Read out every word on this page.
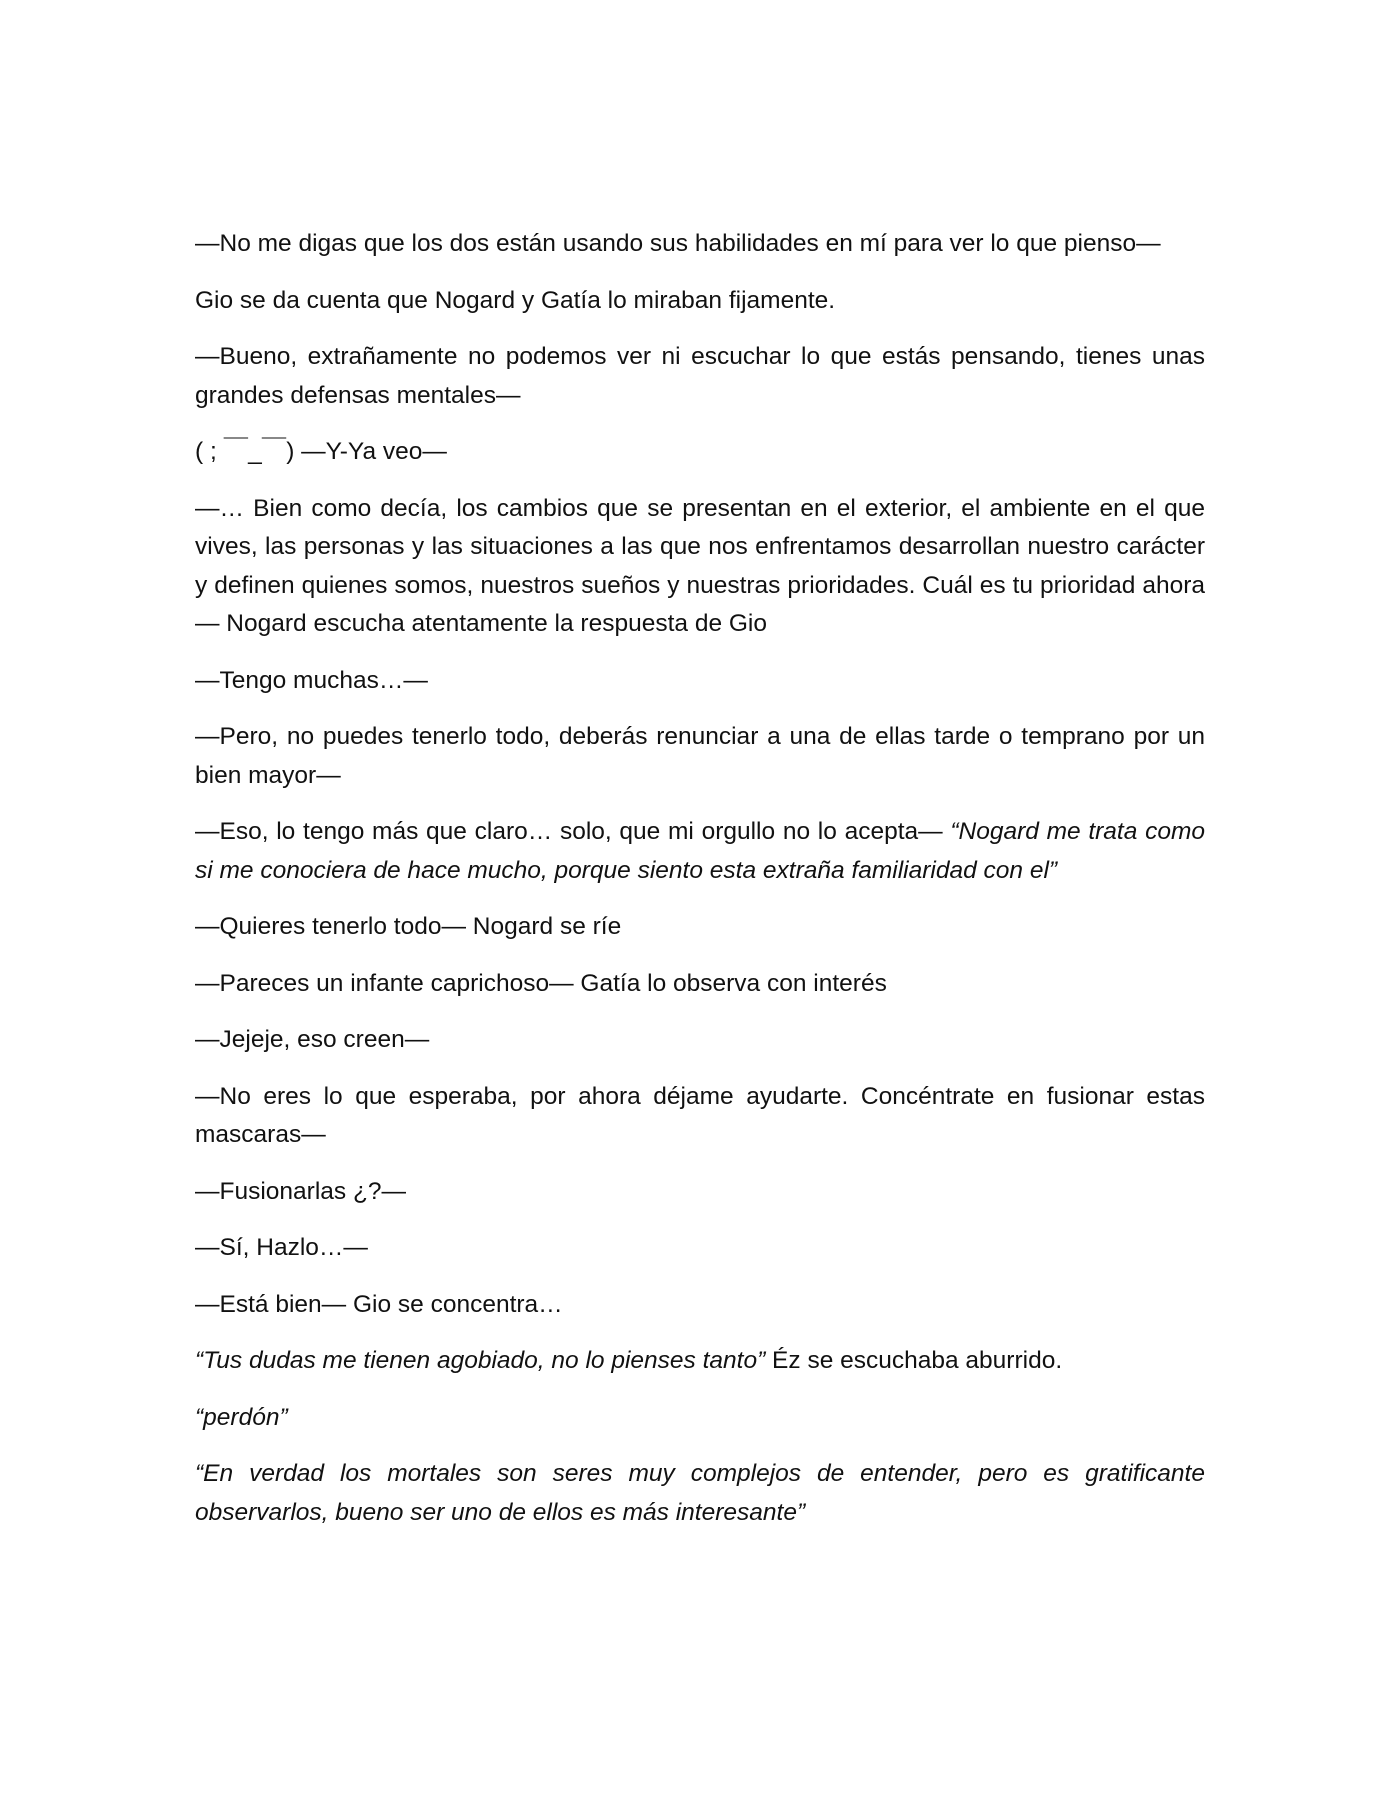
—No me digas que los dos están usando sus habilidades en mí para ver lo que pienso—

Gio se da cuenta que Nogard y Gatía lo miraban fijamente.

—Bueno, extrañamente no podemos ver ni escuchar lo que estás pensando, tienes unas grandes defensas mentales—

( ; ￣_￣) —Y-Ya veo—

—… Bien como decía, los cambios que se presentan en el exterior, el ambiente en el que vives, las personas y las situaciones a las que nos enfrentamos desarrollan nuestro carácter y definen quienes somos, nuestros sueños y nuestras prioridades. Cuál es tu prioridad ahora— Nogard escucha atentamente la respuesta de Gio

—Tengo muchas…—

—Pero, no puedes tenerlo todo, deberás renunciar a una de ellas tarde o temprano por un bien mayor—

—Eso, lo tengo más que claro… solo, que mi orgullo no lo acepta— “Nogard me trata como si me conociera de hace mucho, porque siento esta extraña familiaridad con el”

—Quieres tenerlo todo— Nogard se ríe

—Pareces un infante caprichoso— Gatía lo observa con interés

—Jejeje, eso creen—

—No eres lo que esperaba, por ahora déjame ayudarte. Concéntrate en fusionar estas mascaras—

—Fusionarlas ¿?—

—Sí, Hazlo…—

—Está bien— Gio se concentra…

“Tus dudas me tienen agobiado, no lo pienses tanto” Éz se escuchaba aburrido.

“perdón”

“En verdad los mortales son seres muy complejos de entender, pero es gratificante observarlos, bueno ser uno de ellos es más interesante”
